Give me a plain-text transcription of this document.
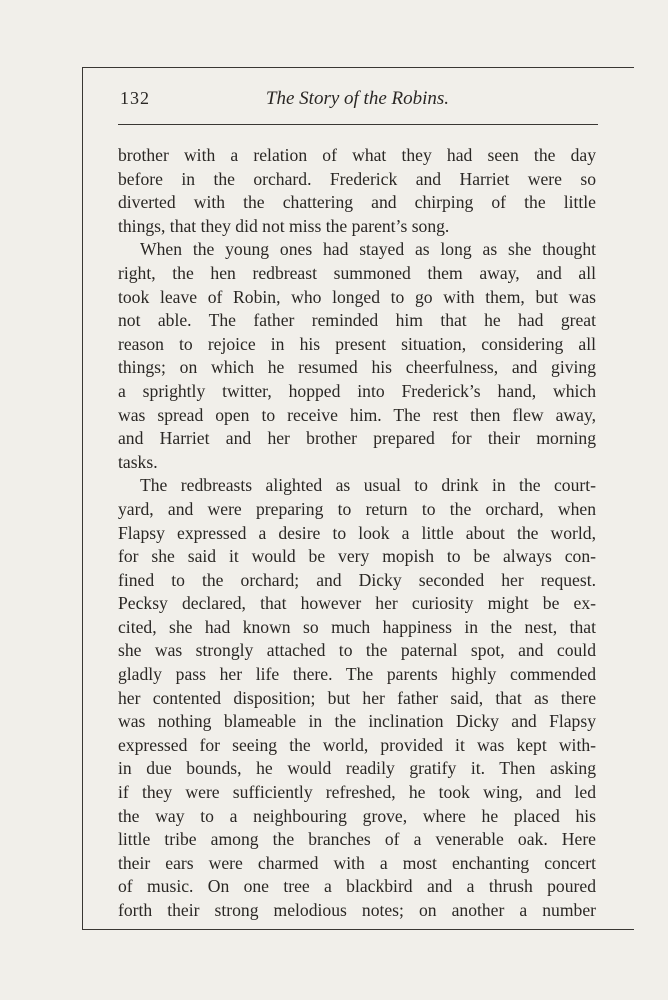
132	The Story of the Robins.
brother with a relation of what they had seen the day
before in the orchard. Frederick and Harriet were so
diverted with the chattering and chirping of the little
things, that they did not miss the parent’s song.
When the young ones had stayed as long as she thought
right, the hen redbreast summoned them away, and all
took leave of Robin, who longed to go with them, but was
not able. The father reminded him that he had great
reason to rejoice in his present situation, considering all
things; on which he resumed his cheerfulness, and giving
a sprightly twitter, hopped into Frederick’s hand, which
was spread open to receive him. The rest then flew away,
and Harriet and her brother prepared for their morning
tasks.
The redbreasts alighted as usual to drink in the court-
yard, and were preparing to return to the orchard, when
Flapsy expressed a desire to look a little about the world,
for she said it would be very mopish to be always con-
fined to the orchard; and Dicky seconded her request.
Pecksy declared, that however her curiosity might be ex-
cited, she had known so much happiness in the nest, that
she was strongly attached to the paternal spot, and could
gladly pass her life there. The parents highly commended
her contented disposition; but her father said, that as there
was nothing blameable in the inclination Dicky and Flapsy
expressed for seeing the world, provided it was kept with-
in due bounds, he would readily gratify it. Then asking
if they were sufficiently refreshed, he took wing, and led
the way to a neighbouring grove, where he placed his
little tribe among the branches of a venerable oak. Here
their ears were charmed with a most enchanting concert
of music. On one tree a blackbird and a thrush poured
forth their strong melodious notes; on another a number
